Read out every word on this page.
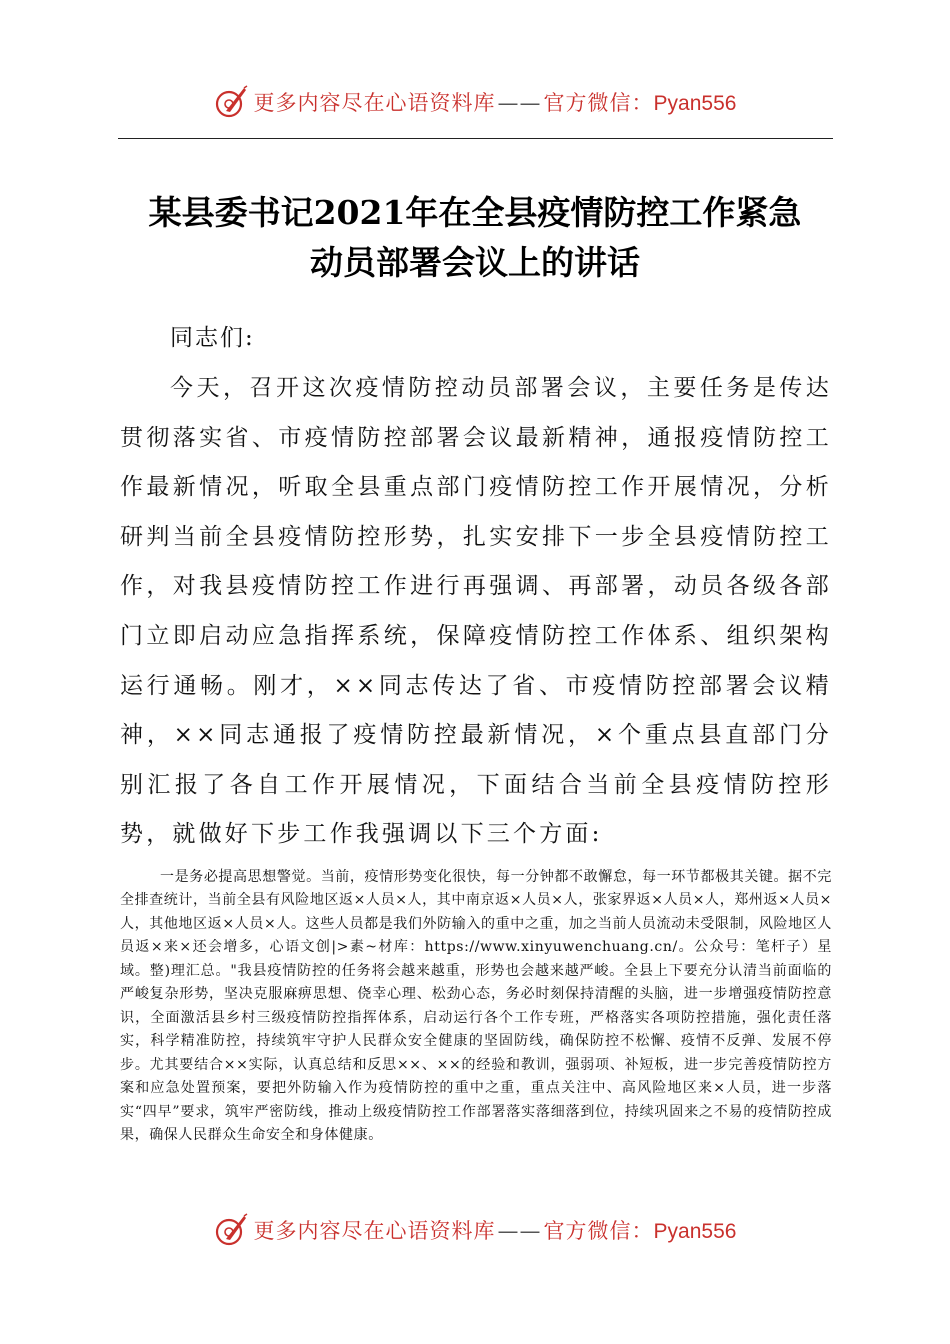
更多内容尽在心语资料库——官方微信：Pyan556
某县委书记2021年在全县疫情防控工作紧急
动员部署会议上的讲话

同志们:

今天，召开这次疫情防控动员部署会议，主要任务是传达贯彻落实省、市疫情防控部署会议最新精神，通报疫情防控工作最新情况，听取全县重点部门疫情防控工作开展情况，分析研判当前全县疫情防控形势，扎实安排下一步全县疫情防控工作，对我县疫情防控工作进行再强调、再部署，动员各级各部门立即启动应急指挥系统，保障疫情防控工作体系、组织架构运行通畅。刚才，××同志传达了省、市疫情防控部署会议精神，××同志通报了疫情防控最新情况，×个重点县直部门分别汇报了各自工作开展情况，下面结合当前全县疫情防控形势，就做好下步工作我强调以下三个方面:

一是务必提高思想警觉。当前，疫情形势变化很快，每一分钟都不敢懈怠，每一环节都极其关键。据不完全排查统计，当前全县有风险地区返×人员×人，其中南京返×人员×人，张家界返×人员×人，郑州返×人员×人，其他地区返×人员×人。这些人员都是我们外防输入的重中之重，加之当前人员流动未受限制，风险地区人员返×来×还会增多，心语文创|>素~材库：https://www.xinyuwenchuang.cn/。公众号：笔杆子）星域。整)理汇总。"我县疫情防控的任务将会越来越重，形势也会越来越严峻。全县上下要充分认清当前面临的严峻复杂形势，坚决克服麻痹思想、侥幸心理、松劲心态，务必时刻保持清醒的头脑，进一步增强疫情防控意识，全面激活县乡村三级疫情防控指挥体系，启动运行各个工作专班，严格落实各项防控措施，强化责任落实，科学精准防控，持续筑牢守护人民群众安全健康的坚固防线，确保防控不松懈、疫情不反弹、发展不停步。尤其要结合××实际，认真总结和反思××、××的经验和教训，强弱项、补短板，进一步完善疫情防控方案和应急处置预案，要把外防输入作为疫情防控的重中之重，重点关注中、高风险地区来×人员，进一步落实“四早”要求，筑牢严密防线，推动上级疫情防控工作部署落实落细落到位，持续巩固来之不易的疫情防控成果，确保人民群众生命安全和身体健康。

更多内容尽在心语资料库——官方微信：Pyan556
